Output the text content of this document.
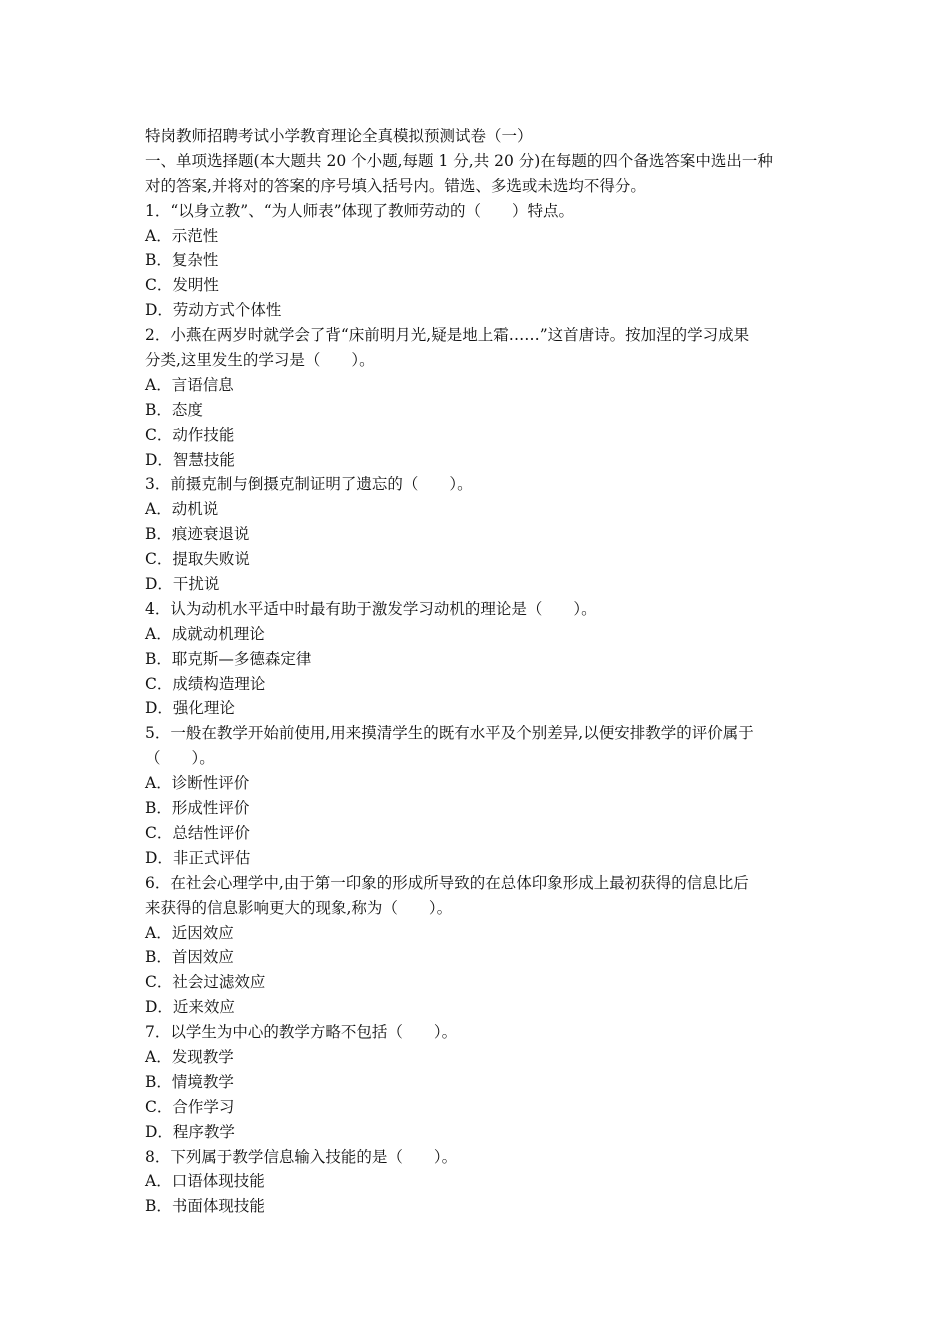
特岗教师招聘考试小学教育理论全真模拟预测试卷（一）
一、单项选择题(本大题共 20 个小题,每题 1 分,共 20 分)在每题的四个备选答案中选出一种
对的答案,并将对的答案的序号填入括号内。错选、多选或未选均不得分。
1．“以身立教”、“为人师表”体现了教师劳动的（　　）特点。
A．示范性
B．复杂性
C．发明性
D．劳动方式个体性
2．小燕在两岁时就学会了背“床前明月光,疑是地上霜……”这首唐诗。按加涅的学习成果
分类,这里发生的学习是（　　）。
A．言语信息
B．态度
C．动作技能
D．智慧技能
3．前摄克制与倒摄克制证明了遗忘的（　　）。
A．动机说
B．痕迹衰退说
C．提取失败说
D．干扰说
4．认为动机水平适中时最有助于激发学习动机的理论是（　　）。
A．成就动机理论
B．耶克斯—多德森定律
C．成绩构造理论
D．强化理论
5．一般在教学开始前使用,用来摸清学生的既有水平及个别差异,以便安排教学的评价属于
（　　）。
A．诊断性评价
B．形成性评价
C．总结性评价
D．非正式评估
6．在社会心理学中,由于第一印象的形成所导致的在总体印象形成上最初获得的信息比后
来获得的信息影响更大的现象,称为（　　）。
A．近因效应
B．首因效应
C．社会过滤效应
D．近来效应
7．以学生为中心的教学方略不包括（　　）。
A．发现教学
B．情境教学
C．合作学习
D．程序教学
8．下列属于教学信息输入技能的是（　　）。
A．口语体现技能
B．书面体现技能
